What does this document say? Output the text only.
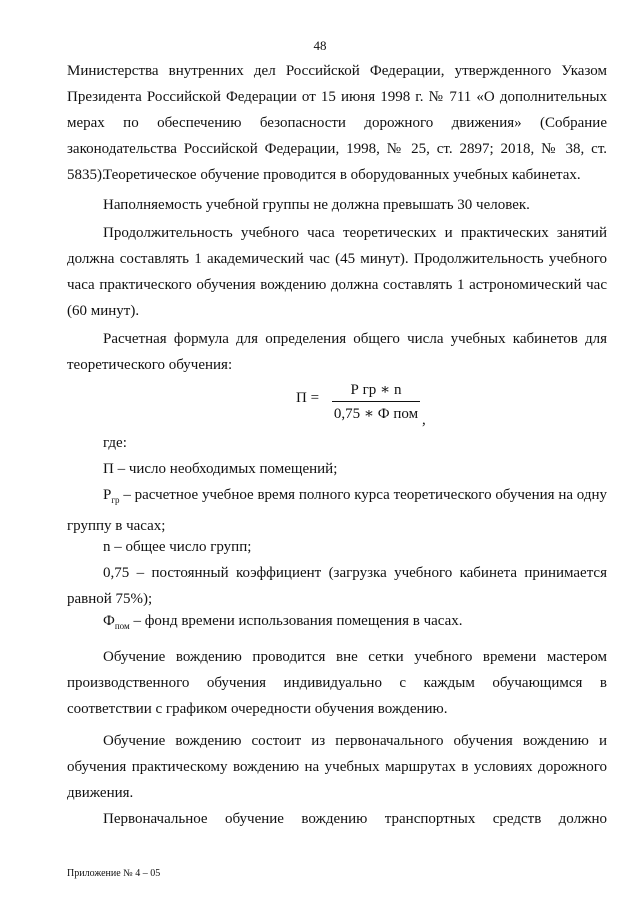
48
Министерства внутренних дел Российской Федерации, утвержденного Указом Президента Российской Федерации от 15 июня 1998 г. № 711 «О дополнительных мерах по обеспечению безопасности дорожного движения» (Собрание законодательства Российской Федерации, 1998, № 25, ст. 2897; 2018, № 38, ст. 5835).
Теоретическое обучение проводится в оборудованных учебных кабинетах.
Наполняемость учебной группы не должна превышать 30 человек.
Продолжительность учебного часа теоретических и практических занятий должна составлять 1 академический час (45 минут). Продолжительность учебного часа практического обучения вождению должна составлять 1 астрономический час (60 минут).
Расчетная формула для определения общего числа учебных кабинетов для теоретического обучения:
П =	Р гр ∗ n
0,75 ∗ Ф пом ,
где:
П – число необходимых помещений;
$Р_{гр}$ – расчетное учебное время полного курса теоретического обучения на одну группу в часах;
n – общее число групп;
0,75 – постоянный коэффициент (загрузка учебного кабинета принимается равной 75%);
$Ф_{пом}$ – фонд времени использования помещения в часах.
Обучение вождению проводится вне сетки учебного времени мастером производственного обучения индивидуально с каждым обучающимся в соответствии с графиком очередности обучения вождению.
Обучение вождению состоит из первоначального обучения вождению и обучения практическому вождению на учебных маршрутах в условиях дорожного движения.
Первоначальное обучение вождению транспортных средств должно
Приложение № 4 – 05
